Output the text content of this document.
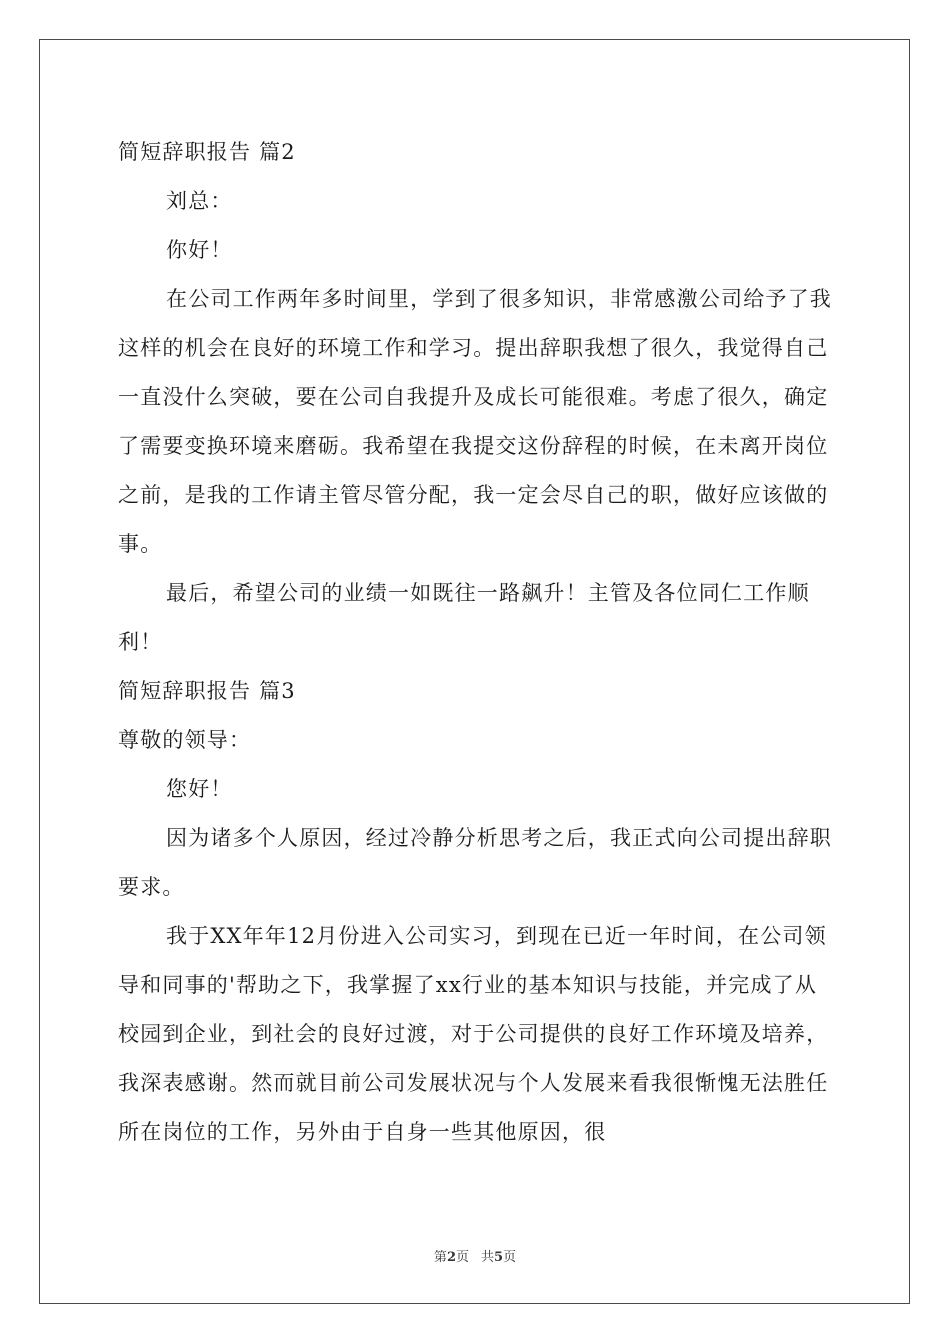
简短辞职报告 篇2

刘总：

你好！

在公司工作两年多时间里，学到了很多知识，非常感激公司给予了我这样的机会在良好的环境工作和学习。提出辞职我想了很久，我觉得自己一直没什么突破，要在公司自我提升及成长可能很难。考虑了很久，确定了需要变换环境来磨砺。我希望在我提交这份辞程的时候，在未离开岗位之前，是我的工作请主管尽管分配，我一定会尽自己的职，做好应该做的事。

最后，希望公司的业绩一如既往一路飙升！主管及各位同仁工作顺利！

简短辞职报告 篇3

尊敬的领导：

您好！

因为诸多个人原因，经过冷静分析思考之后，我正式向公司提出辞职要求。

我于XX年年12月份进入公司实习，到现在已近一年时间，在公司领导和同事的'帮助之下，我掌握了xx行业的基本知识与技能，并完成了从校园到企业，到社会的良好过渡，对于公司提供的良好工作环境及培养，我深表感谢。然而就目前公司发展状况与个人发展来看我很惭愧无法胜任所在岗位的工作，另外由于自身一些其他原因，很

第2页 共5页
